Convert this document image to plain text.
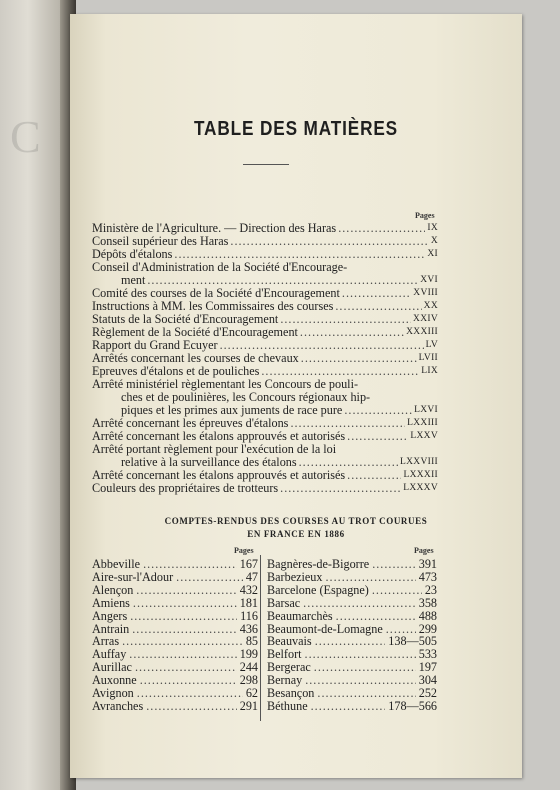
C	TABLE DES MATIÈRES
Pages
Ministère de l'Agriculture. — Direction des Haras .....	IX
Conseil supérieur des Haras .....	X
Dépôts d'étalons .....	XI
Conseil d'Administration de la Société d'Encourage-
ment .....	XVI
Comité des courses de la Société d'Encouragement .....	XVIII
Instructions à MM. les Commissaires des courses .....	XX
Statuts de la Société d'Encouragement .....	XXIV
Règlement de la Société d'Encouragement .....	XXXIII
Rapport du Grand Ecuyer .....	LV
Arrêtés concernant les courses de chevaux .....	LVII
Epreuves d'étalons et de pouliches .....	LIX
Arrêté ministériel règlementant les Concours de pouli-
ches et de poulinières, les Concours régionaux hip-
piques et les primes aux juments de race pure .....	LXVI
Arrêté concernant les épreuves d'étalons .....	LXXIII
Arrêté concernant les étalons approuvés et autorisés .....	LXXV
Arrêté portant règlement pour l'exécution de la loi
relative à la surveillance des étalons .....	LXXVIII
Arrêté concernant les étalons approuvés et autorisés .....	LXXXII
Couleurs des propriétaires de trotteurs .....	LXXXV
COMPTES-RENDUS DES COURSES AU TROT COURUES
EN FRANCE EN 1886
Pages	Pages
Abbeville .....	167
Aire-sur-l'Adour .....	47
Alençon .....	432
Amiens .....	181
Angers .....	116
Antrain .....	436
Arras .....	85
Auffay .....	199
Aurillac .....	244
Auxonne .....	298
Avignon .....	62
Avranches .....	291
Bagnères-de-Bigorre .....	391
Barbezieux .....	473
Barcelone (Espagne) .....	23
Barsac .....	358
Beaumarchès .....	488
Beaumont-de-Lomagne .....	299
Beauvais .....	138—505
Belfort .....	533
Bergerac .....	197
Bernay .....	304
Besançon .....	252
Béthune .....	178—566
